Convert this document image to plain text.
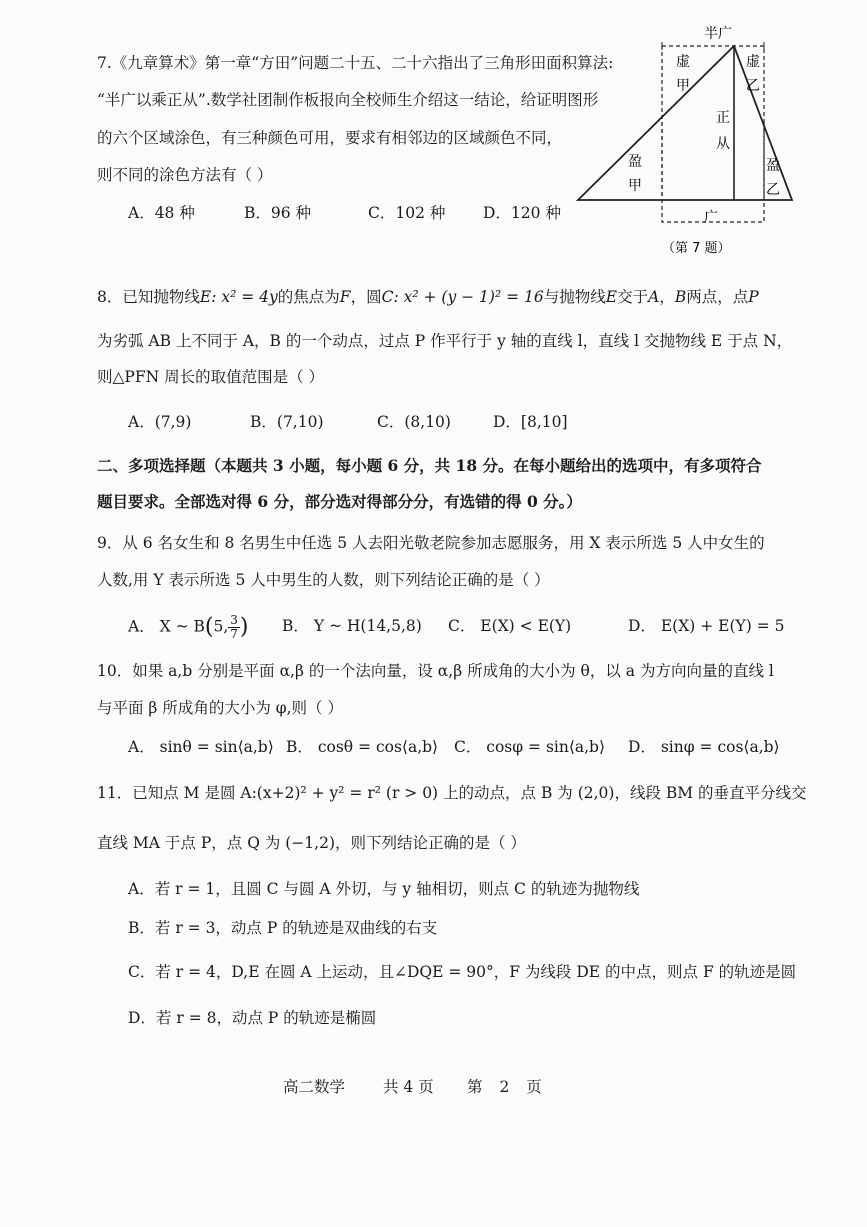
7.《九章算术》第一章“方田”问题二十五、二十六指出了三角形田面积算法:
“半广以乘正从”.数学社团制作板报向全校师生介绍这一结论，给证明图形
的六个区域涂色，有三种颜色可用，要求有相邻边的区域颜色不同，
则不同的涂色方法有（ ）
A．48 种	B．96 种	C．102 种 D．120 种
半广
虚
甲
虚
乙
正
从
盈
甲
盈
乙
广
（第 7 题）
8．已知抛物线E: x² = 4y的焦点为F，圆C: x² + (y − 1)² = 16与抛物线E交于A，B两点，点P
为劣弧 AB 上不同于 A，B 的一个动点，过点 P 作平行于 y 轴的直线 l，直线 l 交抛物线 E 于点 N，
则△PFN 周长的取值范围是（ ）
A．(7,9)	B．(7,10)	C．(8,10)	D．[8,10]
二、多项选择题（本题共 3 小题，每小题 6 分，共 18 分。在每小题给出的选项中，有多项符合
题目要求。全部选对得 6 分，部分选对得部分分，有选错的得 0 分。）
9．从 6 名女生和 8 名男生中任选 5 人去阳光敬老院参加志愿服务，用 X 表示所选 5 人中女生的
人数,用 Y 表示所选 5 人中男生的人数，则下列结论正确的是（ ）
A． X ~ B(5, $\frac{3}{7}$ ) B． Y ~ H(14,5,8) C． E(X) < E(Y)	D． E(X) + E(Y) = 5
10．如果 a,b 分别是平面 α,β 的一个法向量，设 α,β 所成角的大小为 θ，以 a 为方向向量的直线 l
与平面 β 所成角的大小为 φ,则（ ）
A． sinθ = sin⟨a,b⟩ B． cosθ = cos⟨a,b⟩ C． cosφ = sin⟨a,b⟩ D． sinφ = cos⟨a,b⟩
11．已知点 M 是圆 A:(x+2)² + y² = r² (r > 0) 上的动点，点 B 为 (2,0)，线段 BM 的垂直平分线交
直线 MA 于点 P，点 Q 为 (−1,2)，则下列结论正确的是（ ）
A．若 r = 1，且圆 C 与圆 A 外切，与 y 轴相切，则点 C 的轨迹为抛物线
B．若 r = 3，动点 P 的轨迹是双曲线的右支
C．若 r = 4，D,E 在圆 A 上运动，且∠DQE = 90°，F 为线段 DE 的中点，则点 F 的轨迹是圆
D．若 r = 8，动点 P 的轨迹是椭圆
高二数学 共 4 页 第 2 页
